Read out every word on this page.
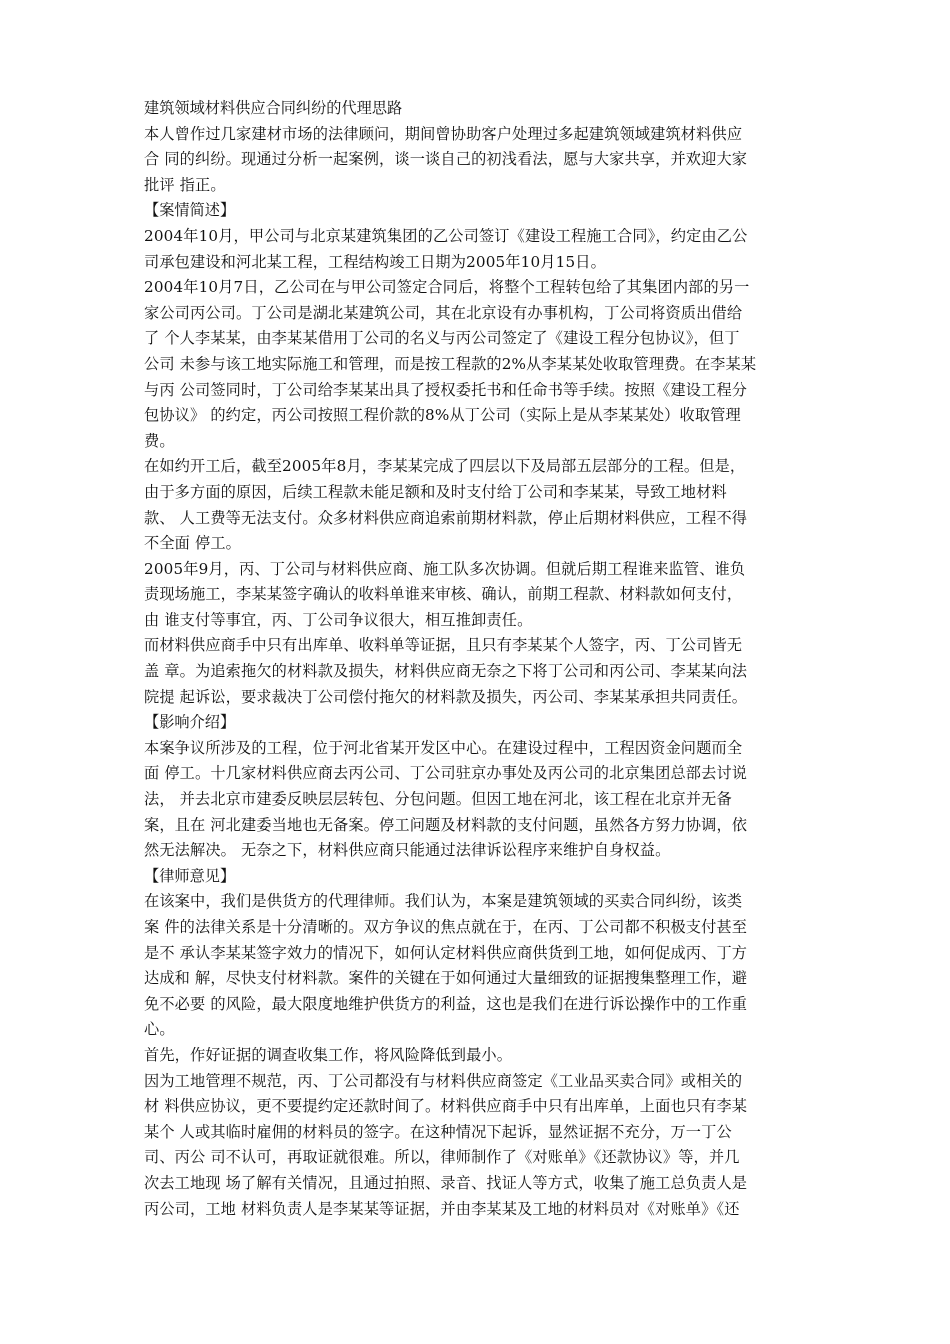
建筑领域材料供应合同纠纷的代理思路
本人曾作过几家建材市场的法律顾问，期间曾协助客户处理过多起建筑领域建筑材料供应
合 同的纠纷。现通过分析一起案例，谈一谈自己的初浅看法，愿与大家共享，并欢迎大家
批评 指正。
【案情简述】
2004年10月，甲公司与北京某建筑集团的乙公司签订《建设工程施工合同》，约定由乙公
司承包建设和河北某工程，工程结构竣工日期为2005年10月15日。
2004年10月7日，乙公司在与甲公司签定合同后，将整个工程转包给了其集团内部的另一
家公司丙公司。丁公司是湖北某建筑公司，其在北京设有办事机构，丁公司将资质出借给
了 个人李某某，由李某某借用丁公司的名义与丙公司签定了《建设工程分包协议》，但丁
公司 未参与该工地实际施工和管理，而是按工程款的2%从李某某处收取管理费。在李某某
与丙 公司签同时，丁公司给李某某出具了授权委托书和任命书等手续。按照《建设工程分
包协议》 的约定，丙公司按照工程价款的8%从丁公司（实际上是从李某某处）收取管理
费。
在如约开工后，截至2005年8月，李某某完成了四层以下及局部五层部分的工程。但是，
由于多方面的原因，后续工程款未能足额和及时支付给丁公司和李某某，导致工地材料
款、 人工费等无法支付。众多材料供应商追索前期材料款，停止后期材料供应，工程不得
不全面 停工。
2005年9月，丙、丁公司与材料供应商、施工队多次协调。但就后期工程谁来监管、谁负
责现场施工，李某某签字确认的收料单谁来审核、确认，前期工程款、材料款如何支付，
由 谁支付等事宜，丙、丁公司争议很大，相互推卸责任。
而材料供应商手中只有出库单、收料单等证据，且只有李某某个人签字，丙、丁公司皆无
盖 章。为追索拖欠的材料款及损失，材料供应商无奈之下将丁公司和丙公司、李某某向法
院提 起诉讼，要求裁决丁公司偿付拖欠的材料款及损失，丙公司、李某某承担共同责任。
【影响介绍】
本案争议所涉及的工程，位于河北省某开发区中心。在建设过程中，工程因资金问题而全
面 停工。十几家材料供应商去丙公司、丁公司驻京办事处及丙公司的北京集团总部去讨说
法， 并去北京市建委反映层层转包、分包问题。但因工地在河北，该工程在北京并无备
案，且在 河北建委当地也无备案。停工问题及材料款的支付问题，虽然各方努力协调，依
然无法解决。 无奈之下，材料供应商只能通过法律诉讼程序来维护自身权益。
【律师意见】
在该案中，我们是供货方的代理律师。我们认为，本案是建筑领域的买卖合同纠纷，该类
案 件的法律关系是十分清晰的。双方争议的焦点就在于，在丙、丁公司都不积极支付甚至
是不 承认李某某签字效力的情况下，如何认定材料供应商供货到工地，如何促成丙、丁方
达成和 解，尽快支付材料款。案件的关键在于如何通过大量细致的证据搜集整理工作，避
免不必要 的风险，最大限度地维护供货方的利益，这也是我们在进行诉讼操作中的工作重
心。
首先，作好证据的调查收集工作，将风险降低到最小。
因为工地管理不规范，丙、丁公司都没有与材料供应商签定《工业品买卖合同》或相关的
材 料供应协议，更不要提约定还款时间了。材料供应商手中只有出库单，上面也只有李某
某个 人或其临时雇佣的材料员的签字。在这种情况下起诉，显然证据不充分，万一丁公
司、丙公 司不认可，再取证就很难。所以，律师制作了《对账单》《还款协议》等，并几
次去工地现 场了解有关情况，且通过拍照、录音、找证人等方式，收集了施工总负责人是
丙公司，工地 材料负责人是李某某等证据，并由李某某及工地的材料员对《对账单》《还
